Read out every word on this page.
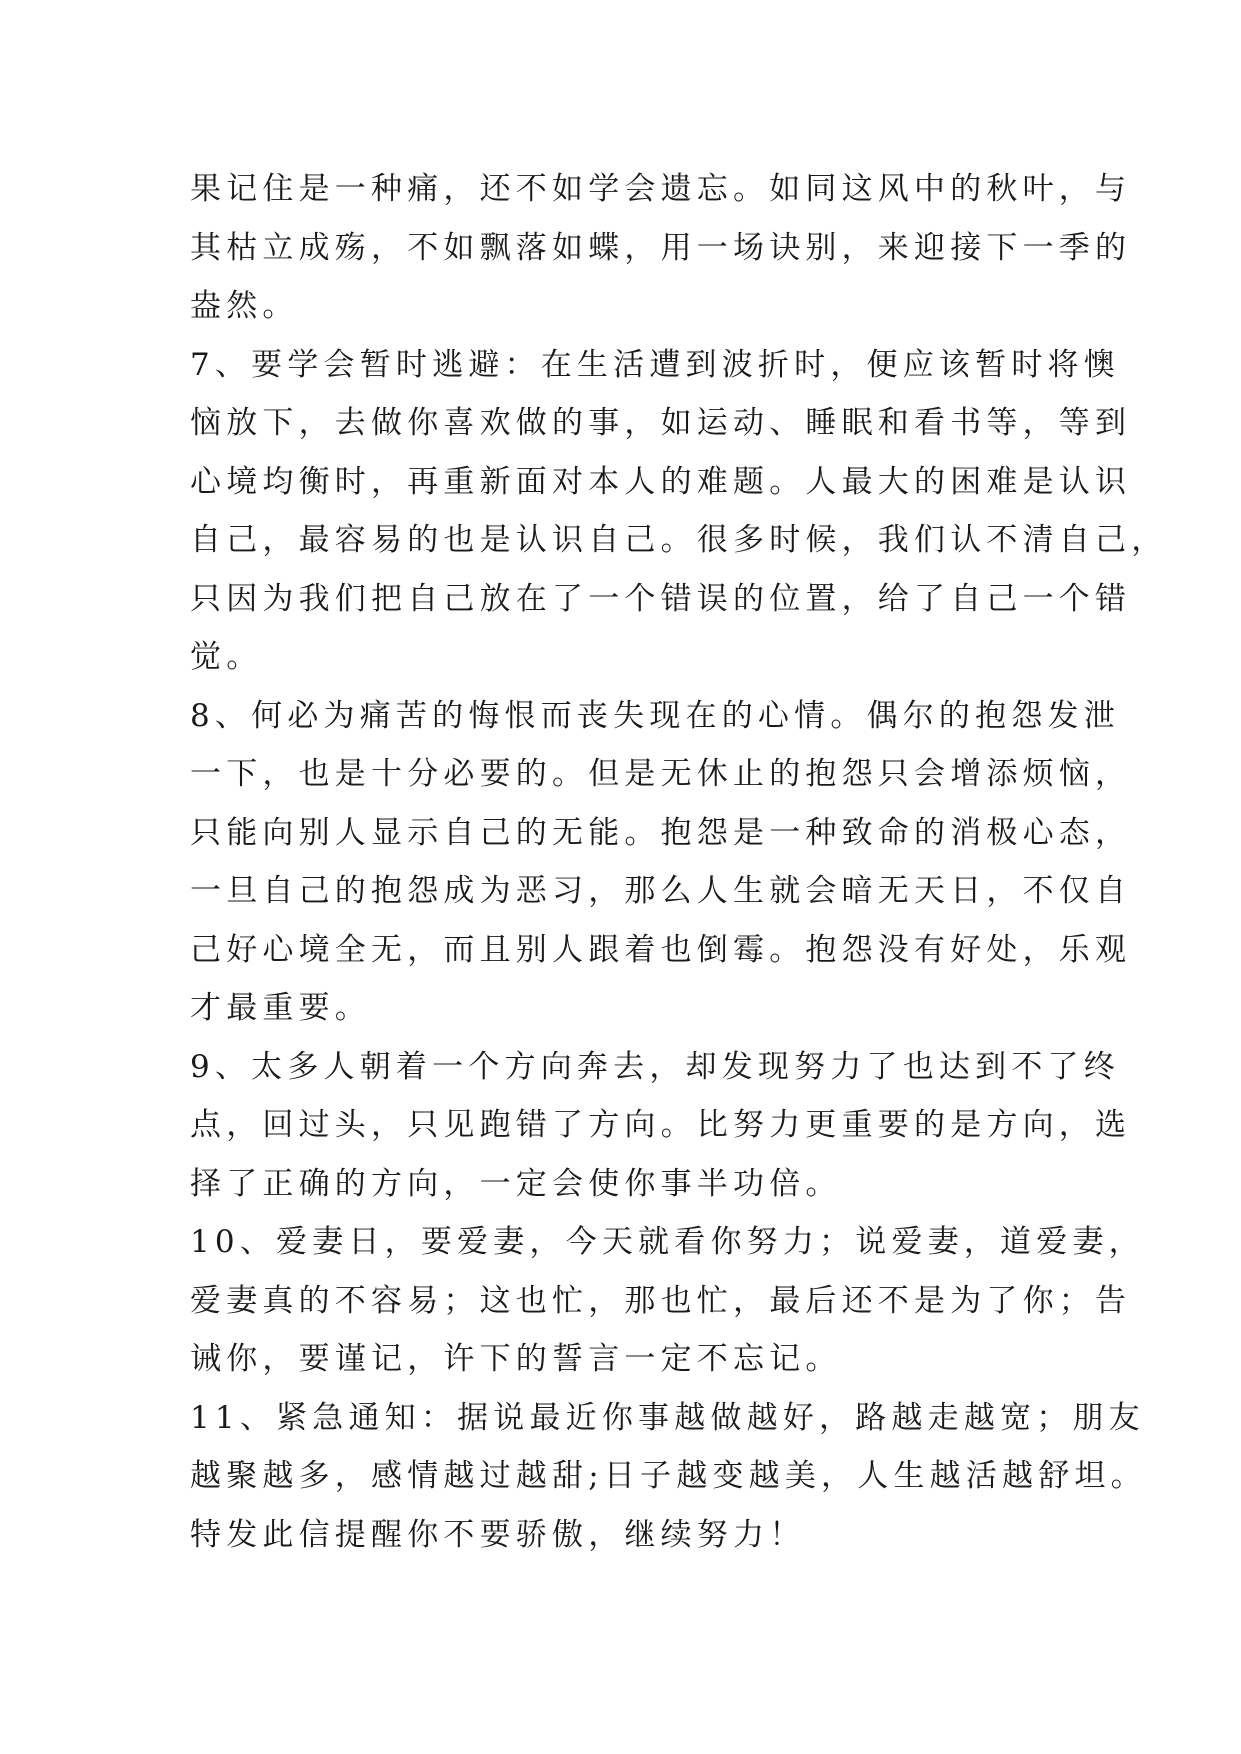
果记住是一种痛，还不如学会遗忘。如同这风中的秋叶，与
其枯立成殇，不如飘落如蝶，用一场诀别，来迎接下一季的
盎然。

7、要学会暂时逃避：在生活遭到波折时，便应该暂时将懊
恼放下，去做你喜欢做的事，如运动、睡眠和看书等，等到
心境均衡时，再重新面对本人的难题。人最大的困难是认识
自己，最容易的也是认识自己。很多时候，我们认不清自己，
只因为我们把自己放在了一个错误的位置，给了自己一个错
觉。

8、何必为痛苦的悔恨而丧失现在的心情。偶尔的抱怨发泄
一下，也是十分必要的。但是无休止的抱怨只会增添烦恼，
只能向别人显示自己的无能。抱怨是一种致命的消极心态，
一旦自己的抱怨成为恶习，那么人生就会暗无天日，不仅自
己好心境全无，而且别人跟着也倒霉。抱怨没有好处，乐观
才最重要。

9、太多人朝着一个方向奔去，却发现努力了也达到不了终
点，回过头，只见跑错了方向。比努力更重要的是方向，选
择了正确的方向，一定会使你事半功倍。

10、爱妻日，要爱妻，今天就看你努力；说爱妻，道爱妻，
爱妻真的不容易；这也忙，那也忙，最后还不是为了你；告
诫你，要谨记，许下的誓言一定不忘记。

11、紧急通知：据说最近你事越做越好，路越走越宽；朋友
越聚越多，感情越过越甜;日子越变越美，人生越活越舒坦。
特发此信提醒你不要骄傲，继续努力！
